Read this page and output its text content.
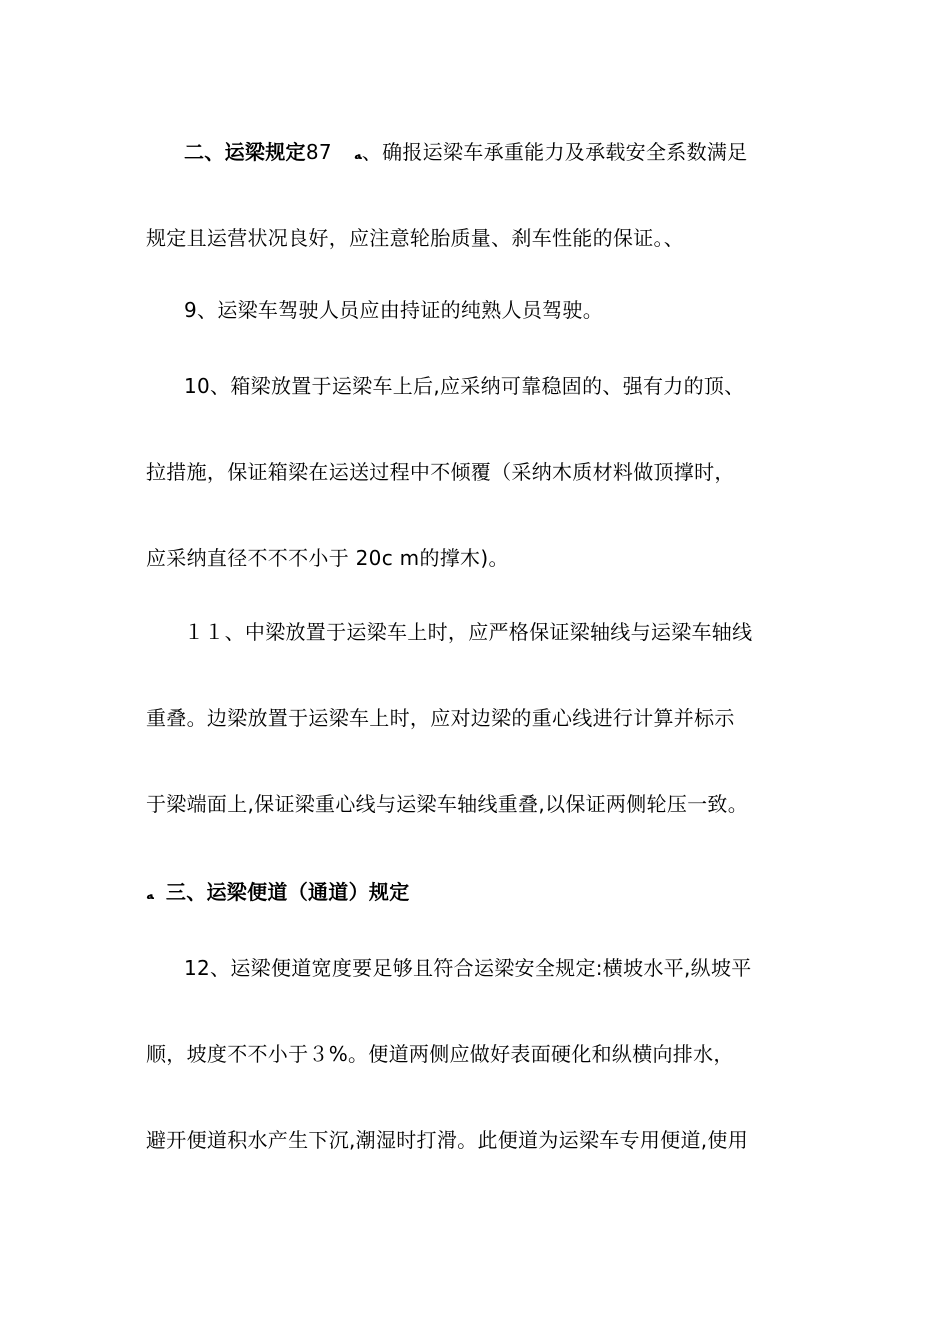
二、运梁规定87 ﻪ、确报运梁车承重能力及承载安全系数满足
规定且运营状况良好，应注意轮胎质量、刹车性能的保证。、
9、运梁车驾驶人员应由持证的纯熟人员驾驶。
10、箱梁放置于运梁车上后,应采纳可靠稳固的、强有力的顶、
拉措施，保证箱梁在运送过程中不倾覆（采纳木质材料做顶撑时，
应采纳直径不不不小于 20c m的撑木)。
１１、中梁放置于运梁车上时，应严格保证梁轴线与运梁车轴线
重叠。边梁放置于运梁车上时，应对边梁的重心线进行计算并标示
于梁端面上,保证梁重心线与运梁车轴线重叠,以保证两侧轮压一致。
ﻪ 三、运梁便道（通道）规定
12、运梁便道宽度要足够且符合运梁安全规定:横坡水平,纵坡平
顺，坡度不不小于３%。便道两侧应做好表面硬化和纵横向排水，
避开便道积水产生下沉,潮湿时打滑。此便道为运梁车专用便道,使用
